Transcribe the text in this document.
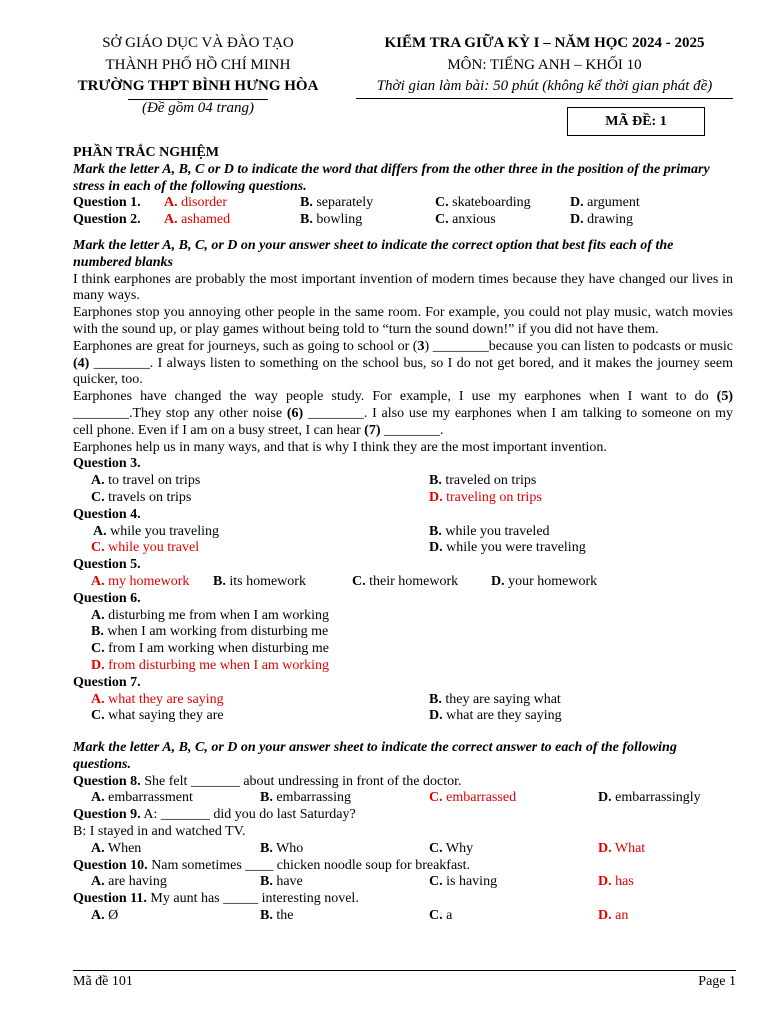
SỞ GIÁO DỤC VÀ ĐÀO TẠO
THÀNH PHỐ HỒ CHÍ MINH
TRƯỜNG THPT BÌNH HƯNG HÒA
(Đề gồm 04 trang)
KIỂM TRA GIỮA KỲ I – NĂM HỌC 2024 - 2025
MÔN: TIẾNG ANH – KHỐI 10
Thời gian làm bài: 50 phút (không kể thời gian phát đề)
MÃ ĐỀ: 1
PHẦN TRẮC NGHIỆM
Mark the letter A, B, C or D to indicate the word that differs from the other three in the position of the primary stress in each of the following questions.
Question 1. A. disorder	B. separately	C. skateboarding	D. argument
Question 2. A. ashamed	B. bowling	C. anxious	D. drawing
Mark the letter A, B, C, or D on your answer sheet to indicate the correct option that best fits each of the numbered blanks
I think earphones are probably the most important invention of modern times because they have changed our lives in many ways.
Earphones stop you annoying other people in the same room. For example, you could not play music, watch movies with the sound up, or play games without being told to “turn the sound down!” if you did not have them.
Earphones are great for journeys, such as going to school or (3) ________because you can listen to podcasts or music (4) ________. I always listen to something on the school bus, so I do not get bored, and it makes the journey seem quicker, too.
Earphones have changed the way people study. For example, I use my earphones when I want to do (5) ________.They stop any other noise (6) ________. I also use my earphones when I am talking to someone on my cell phone. Even if I am on a busy street, I can hear (7) ________.
Earphones help us in many ways, and that is why I think they are the most important invention.
Question 3.
A. to travel on trips	B. traveled on trips
C. travels on trips	D. traveling on trips
Question 4.
A. while you traveling	B. while you traveled
C. while you travel	D. while you were traveling
Question 5.
A. my homework B. its homework	C. their homework D. your homework
Question 6.
A. disturbing me from when I am working
B. when I am working from disturbing me
C. from I am working when disturbing me
D. from disturbing me when I am working
Question 7.
A. what they are saying	B. they are saying what
C. what saying they are	D. what are they saying
Mark the letter A, B, C, or D on your answer sheet to indicate the correct answer to each of the following questions.
Question 8. She felt _______ about undressing in front of the doctor.
A. embarrassment	B. embarrassing	C. embarrassed	D. embarrassingly
Question 9. A: _______ did you do last Saturday?
B: I stayed in and watched TV.
A. When	B. Who	C. Why	D. What
Question 10. Nam sometimes ____ chicken noodle soup for breakfast.
A. are having	B. have	C. is having	D. has
Question 11. My aunt has _____ interesting novel.
A. Ø	B. the	C. a	D. an
Mã đề 101	Page 1
